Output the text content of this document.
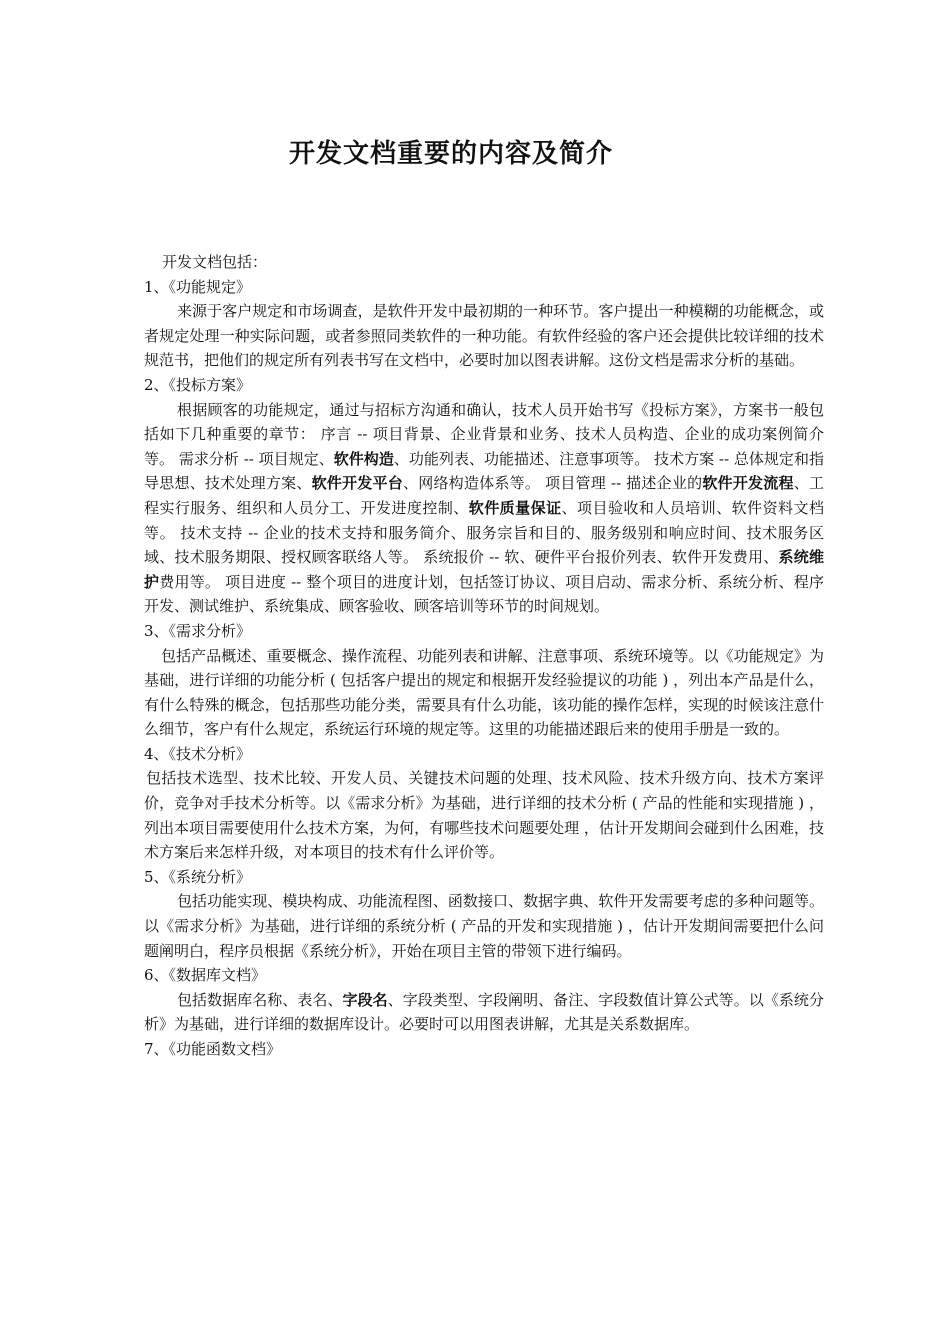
开发文档重要的内容及简介

开发文档包括：

1、《功能规定》

来源于客户规定和市场调查，是软件开发中最初期的一种环节。客户提出一种模糊的功能概念，或者规定处理一种实际问题，或者参照同类软件的一种功能。有软件经验的客户还会提供比较详细的技术规范书，把他们的规定所有列表书写在文档中，必要时加以图表讲解。这份文档是需求分析的基础。

2、《投标方案》

根据顾客的功能规定，通过与招标方沟通和确认，技术人员开始书写《投标方案》，方案书一般包括如下几种重要的章节： 序言 -- 项目背景、企业背景和业务、技术人员构造、企业的成功案例简介等。 需求分析 -- 项目规定、软件构造、功能列表、功能描述、注意事项等。 技术方案 -- 总体规定和指导思想、技术处理方案、软件开发平台、网络构造体系等。 项目管理 -- 描述企业的软件开发流程、工程实行服务、组织和人员分工、开发进度控制、软件质量保证、项目验收和人员培训、软件资料文档等。 技术支持 -- 企业的技术支持和服务简介、服务宗旨和目的、服务级别和响应时间、技术服务区域、技术服务期限、授权顾客联络人等。 系统报价 -- 软、硬件平台报价列表、软件开发费用、系统维护费用等。 项目进度 -- 整个项目的进度计划，包括签订协议、项目启动、需求分析、系统分析、程序开发、测试维护、系统集成、顾客验收、顾客培训等环节的时间规划。

3、《需求分析》

包括产品概述、重要概念、操作流程、功能列表和讲解、注意事项、系统环境等。以《功能规定》为基础，进行详细的功能分析 ( 包括客户提出的规定和根据开发经验提议的功能 ) ，列出本产品是什么，有什么特殊的概念，包括那些功能分类，需要具有什么功能，该功能的操作怎样，实现的时候该注意什么细节，客户有什么规定，系统运行环境的规定等。这里的功能描述跟后来的使用手册是一致的。

4、《技术分析》

包括技术选型、技术比较、开发人员、关键技术问题的处理、技术风险、技术升级方向、技术方案评价，竞争对手技术分析等。以《需求分析》为基础，进行详细的技术分析 ( 产品的性能和实现措施 ) ，列出本项目需要使用什么技术方案，为何，有哪些技术问题要处理 ，估计开发期间会碰到什么困难，技术方案后来怎样升级，对本项目的技术有什么评价等。

5、《系统分析》

包括功能实现、模块构成、功能流程图、函数接口、数据字典、软件开发需要考虑的多种问题等。以《需求分析》为基础，进行详细的系统分析 ( 产品的开发和实现措施 ) ，估计开发期间需要把什么问题阐明白，程序员根据《系统分析》，开始在项目主管的带领下进行编码。

6、《数据库文档》

包括数据库名称、表名、字段名、字段类型、字段阐明、备注、字段数值计算公式等。以《系统分析》为基础，进行详细的数据库设计。必要时可以用图表讲解，尤其是关系数据库。

7、《功能函数文档》
